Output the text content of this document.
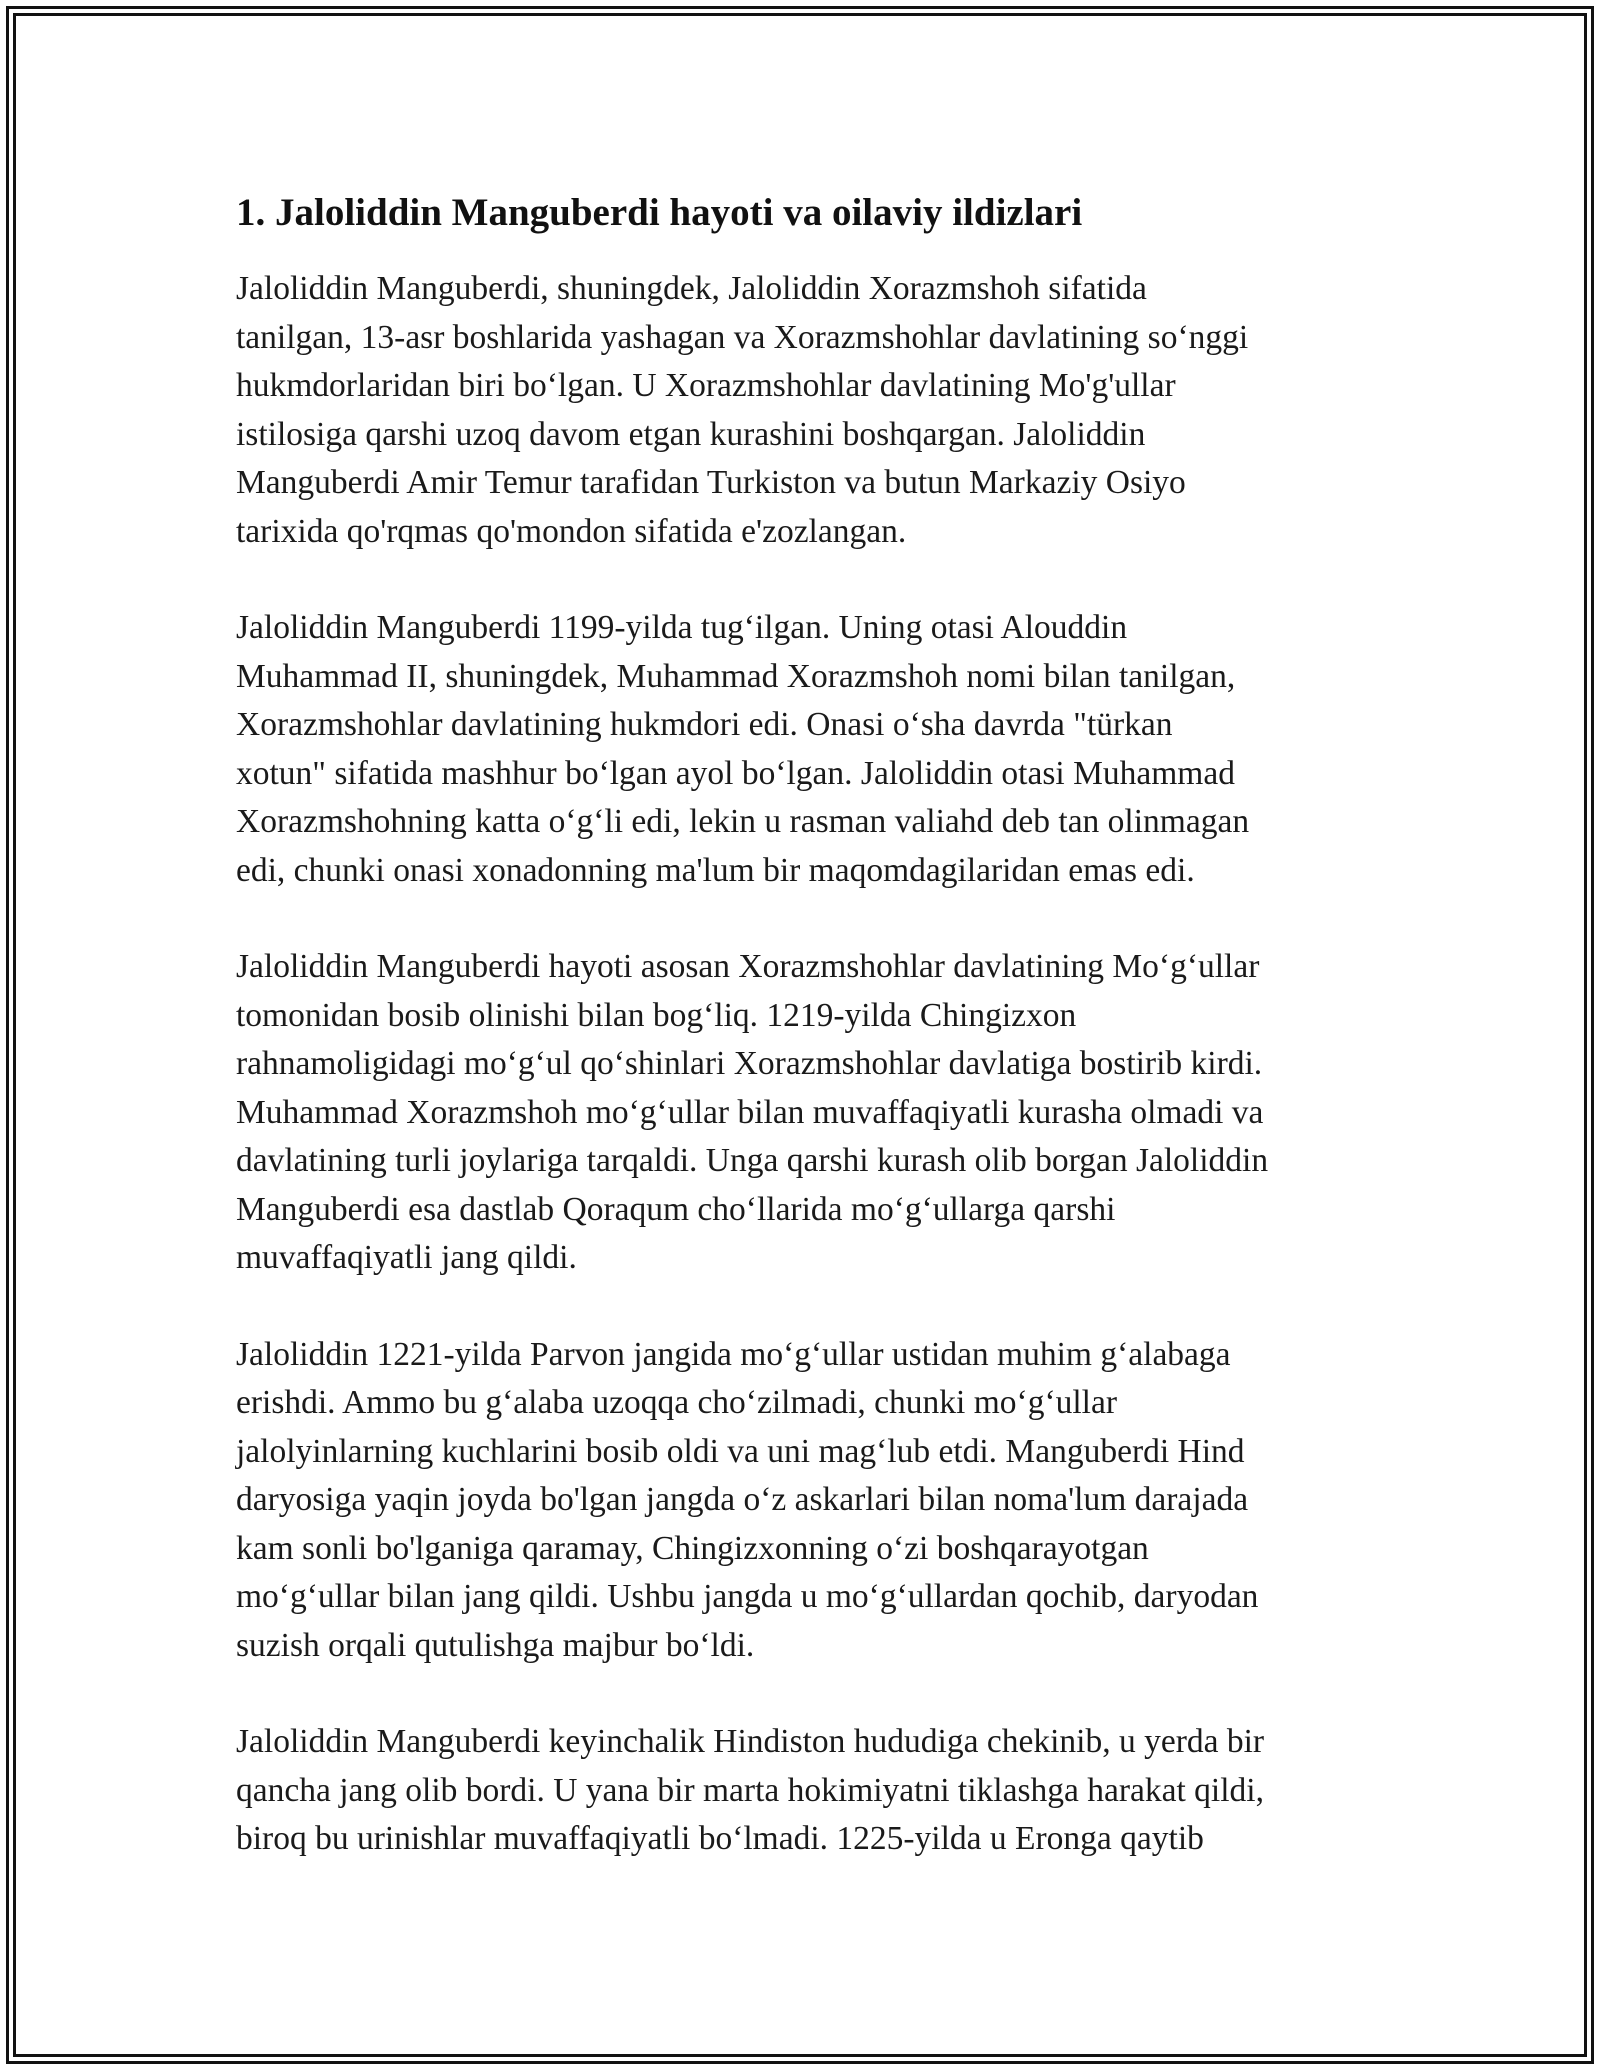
1. Jaloliddin Manguberdi hayoti va oilaviy ildizlari

Jaloliddin Manguberdi, shuningdek, Jaloliddin Xorazmshoh sifatida
tanilgan, 13-asr boshlarida yashagan va Xorazmshohlar davlatining so‘nggi
hukmdorlaridan biri bo‘lgan. U Xorazmshohlar davlatining Mo'g'ullar
istilosiga qarshi uzoq davom etgan kurashini boshqargan. Jaloliddin
Manguberdi Amir Temur tarafidan Turkiston va butun Markaziy Osiyo
tarixida qo'rqmas qo'mondon sifatida e'zozlangan.

Jaloliddin Manguberdi 1199-yilda tug‘ilgan. Uning otasi Alouddin
Muhammad II, shuningdek, Muhammad Xorazmshoh nomi bilan tanilgan,
Xorazmshohlar davlatining hukmdori edi. Onasi o‘sha davrda "türkan
xotun" sifatida mashhur bo‘lgan ayol bo‘lgan. Jaloliddin otasi Muhammad
Xorazmshohning katta o‘g‘li edi, lekin u rasman valiahd deb tan olinmagan
edi, chunki onasi xonadonning ma'lum bir maqomdagilaridan emas edi.

Jaloliddin Manguberdi hayoti asosan Xorazmshohlar davlatining Mo‘g‘ullar
tomonidan bosib olinishi bilan bog‘liq. 1219-yilda Chingizxon
rahnamoligidagi mo‘g‘ul qo‘shinlari Xorazmshohlar davlatiga bostirib kirdi.
Muhammad Xorazmshoh mo‘g‘ullar bilan muvaffaqiyatli kurasha olmadi va
davlatining turli joylariga tarqaldi. Unga qarshi kurash olib borgan Jaloliddin
Manguberdi esa dastlab Qoraqum cho‘llarida mo‘g‘ullarga qarshi
muvaffaqiyatli jang qildi.

Jaloliddin 1221-yilda Parvon jangida mo‘g‘ullar ustidan muhim g‘alabaga
erishdi. Ammo bu g‘alaba uzoqqa cho‘zilmadi, chunki mo‘g‘ullar
jalolyinlarning kuchlarini bosib oldi va uni mag‘lub etdi. Manguberdi Hind
daryosiga yaqin joyda bo'lgan jangda o‘z askarlari bilan noma'lum darajada
kam sonli bo'lganiga qaramay, Chingizxonning o‘zi boshqarayotgan
mo‘g‘ullar bilan jang qildi. Ushbu jangda u mo‘g‘ullardan qochib, daryodan
suzish orqali qutulishga majbur bo‘ldi.

Jaloliddin Manguberdi keyinchalik Hindiston hududiga chekinib, u yerda bir
qancha jang olib bordi. U yana bir marta hokimiyatni tiklashga harakat qildi,
biroq bu urinishlar muvaffaqiyatli bo‘lmadi. 1225-yilda u Eronga qaytib
